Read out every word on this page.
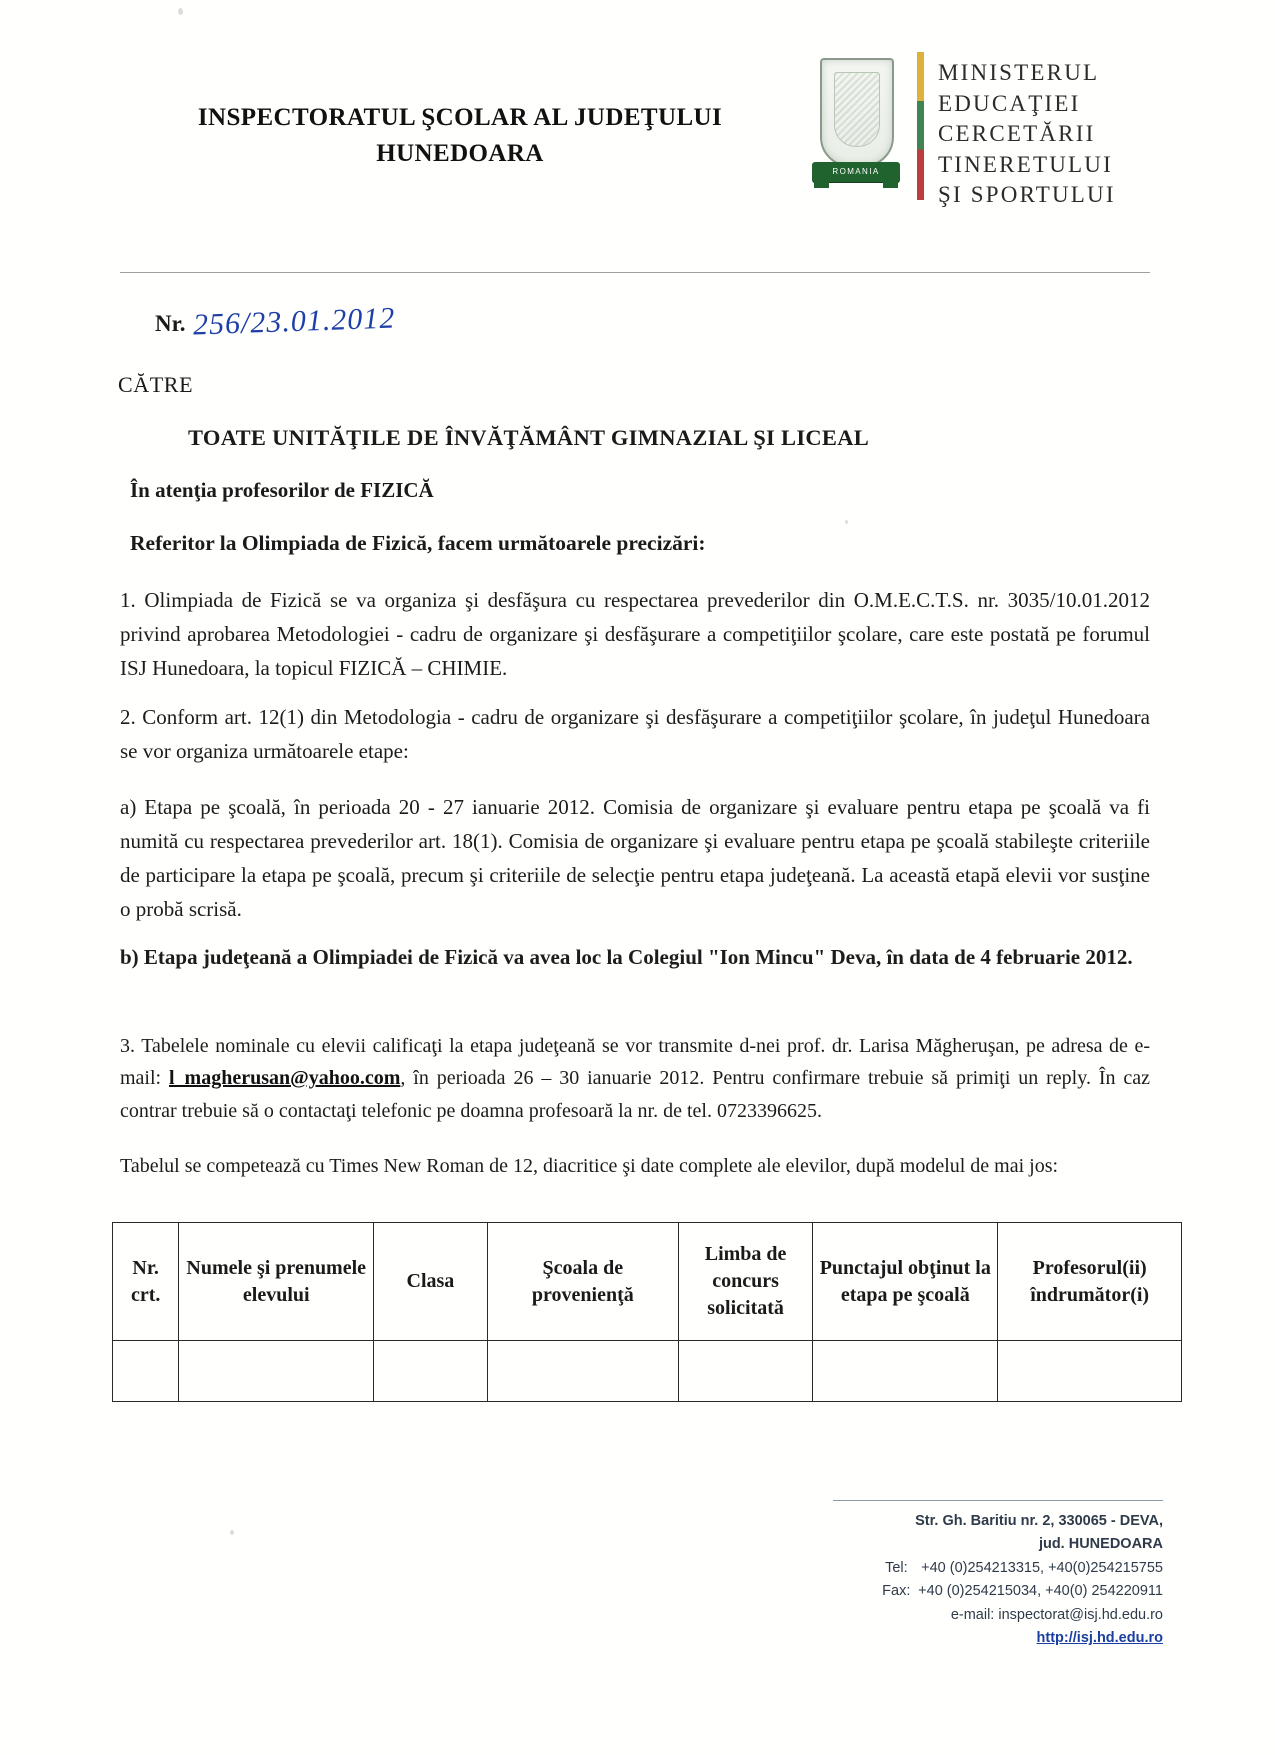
INSPECTORATUL ŞCOLAR AL JUDEŢULUI HUNEDOARA
ROMANIA
MINISTERUL
EDUCAŢIEI
CERCETĂRII
TINERETULUI
ŞI SPORTULUI
Nr. 256/23.01.2012
CĂTRE
TOATE UNITĂŢILE DE ÎNVĂŢĂMÂNT GIMNAZIAL ŞI LICEAL
În atenţia profesorilor de FIZICĂ
Referitor la Olimpiada de Fizică, facem următoarele precizări:
1. Olimpiada de Fizică se va organiza şi desfăşura cu respectarea prevederilor din O.M.E.C.T.S. nr. 3035/10.01.2012 privind aprobarea Metodologiei - cadru de organizare şi desfăşurare a competiţiilor şcolare, care este postată pe forumul ISJ Hunedoara, la topicul FIZICĂ – CHIMIE.
2. Conform art. 12(1) din Metodologia - cadru de organizare şi desfăşurare a competiţiilor şcolare, în judeţul Hunedoara se vor organiza următoarele etape:
a) Etapa pe şcoală, în perioada 20 - 27 ianuarie 2012. Comisia de organizare şi evaluare pentru etapa pe şcoală va fi numită cu respectarea prevederilor art. 18(1). Comisia de organizare şi evaluare pentru etapa pe şcoală stabileşte criteriile de participare la etapa pe şcoală, precum şi criteriile de selecţie pentru etapa judeţeană. La această etapă elevii vor susţine o probă scrisă.
b) Etapa judeţeană a Olimpiadei de Fizică va avea loc la Colegiul "Ion Mincu" Deva, în data de 4 februarie 2012.
3. Tabelele nominale cu elevii calificaţi la etapa judeţeană se vor transmite d-nei prof. dr. Larisa Măgheruşan, pe adresa de e-mail: l_magherusan@yahoo.com, în perioada 26 – 30 ianuarie 2012. Pentru confirmare trebuie să primiţi un reply. În caz contrar trebuie să o contactaţi telefonic pe doamna profesoară la nr. de tel. 0723396625.
Tabelul se competează cu Times New Roman de 12, diacritice şi date complete ale elevilor, după modelul de mai jos:
Nr. crt.	Numele şi prenumele elevului	Clasa	Şcoala de provenienţă	Limba de concurs solicitată	Punctajul obţinut la etapa pe şcoală	Profesorul(ii) îndrumător(i)

Str. Gh. Baritiu nr. 2, 330065 - DEVA,
jud. HUNEDOARA
Tel: +40 (0)254213315, +40(0)254215755
Fax: +40 (0)254215034, +40(0) 254220911
e-mail: inspectorat@isj.hd.edu.ro
http://isj.hd.edu.ro
